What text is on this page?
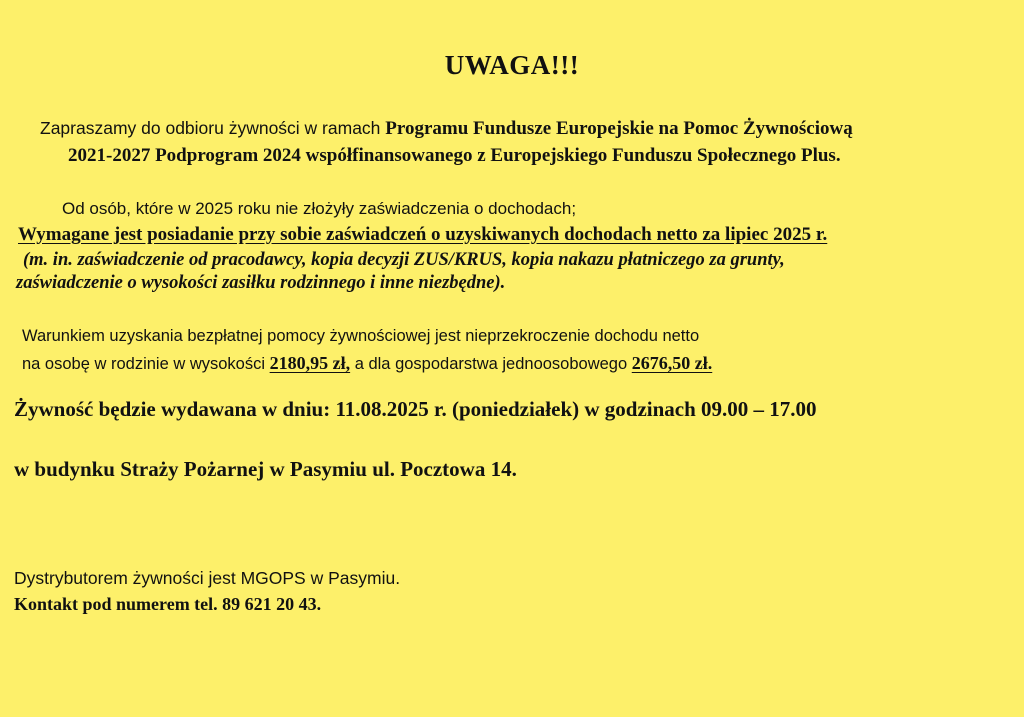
UWAGA!!!
Zapraszamy do odbioru żywności w ramach Programu Fundusze Europejskie na Pomoc Żywnościową
2021-2027 Podprogram 2024 współfinansowanego z Europejskiego Funduszu Społecznego Plus.
Od osób, które w 2025 roku nie złożyły zaświadczenia o dochodach;
Wymagane jest posiadanie przy sobie zaświadczeń o uzyskiwanych dochodach netto za lipiec 2025 r.
(m. in. zaświadczenie od pracodawcy, kopia decyzji ZUS/KRUS, kopia nakazu płatniczego za grunty,
zaświadczenie o wysokości zasiłku rodzinnego i inne niezbędne).
Warunkiem uzyskania bezpłatnej pomocy żywnościowej jest nieprzekroczenie dochodu netto
na osobę w rodzinie w wysokości 2180,95 zł, a dla gospodarstwa jednoosobowego 2676,50 zł.
Żywność będzie wydawana w dniu: 11.08.2025 r. (poniedziałek) w godzinach 09.00 – 17.00
w budynku Straży Pożarnej w Pasymiu ul. Pocztowa 14.
Dystrybutorem żywności jest MGOPS w Pasymiu.
Kontakt pod numerem tel. 89 621 20 43.
